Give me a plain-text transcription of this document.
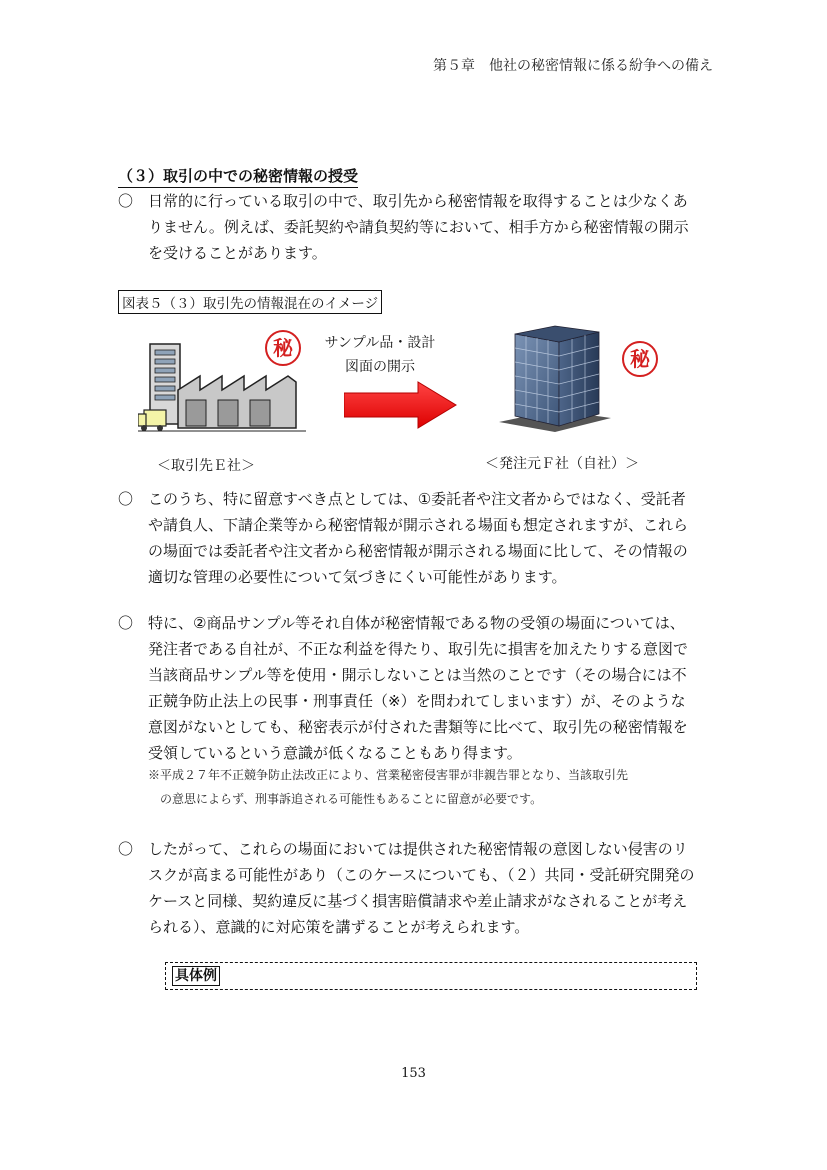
第５章　他社の秘密情報に係る紛争への備え
（３）取引の中での秘密情報の授受
〇 日常的に行っている取引の中で、取引先から秘密情報を取得することは少なくあ
りません。例えば、委託契約や請負契約等において、相手方から秘密情報の開示
を受けることがあります。
図表５（３）取引先の情報混在のイメージ
秘	サンプル品・設計
図面の開示	秘
＜取引先Ｅ社＞	＜発注元Ｆ社（自社）＞
〇 このうち、特に留意すべき点としては、①委託者や注文者からではなく、受託者
や請負人、下請企業等から秘密情報が開示される場面も想定されますが、これら
の場面では委託者や注文者から秘密情報が開示される場面に比して、その情報の
適切な管理の必要性について気づきにくい可能性があります。
〇 特に、②商品サンプル等それ自体が秘密情報である物の受領の場面については、
発注者である自社が、不正な利益を得たり、取引先に損害を加えたりする意図で
当該商品サンプル等を使用・開示しないことは当然のことです（その場合には不
正競争防止法上の民事・刑事責任（※）を問われてしまいます）が、そのような
意図がないとしても、秘密表示が付された書類等に比べて、取引先の秘密情報を
受領しているという意識が低くなることもあり得ます。
※平成２７年不正競争防止法改正により、営業秘密侵害罪が非親告罪となり、当該取引先
の意思によらず、刑事訴追される可能性もあることに留意が必要です。
〇 したがって、これらの場面においては提供された秘密情報の意図しない侵害のリ
スクが高まる可能性があり（このケースについても、（２）共同・受託研究開発の
ケースと同様、契約違反に基づく損害賠償請求や差止請求がなされることが考え
られる）、意識的に対応策を講ずることが考えられます。
具体例
153
